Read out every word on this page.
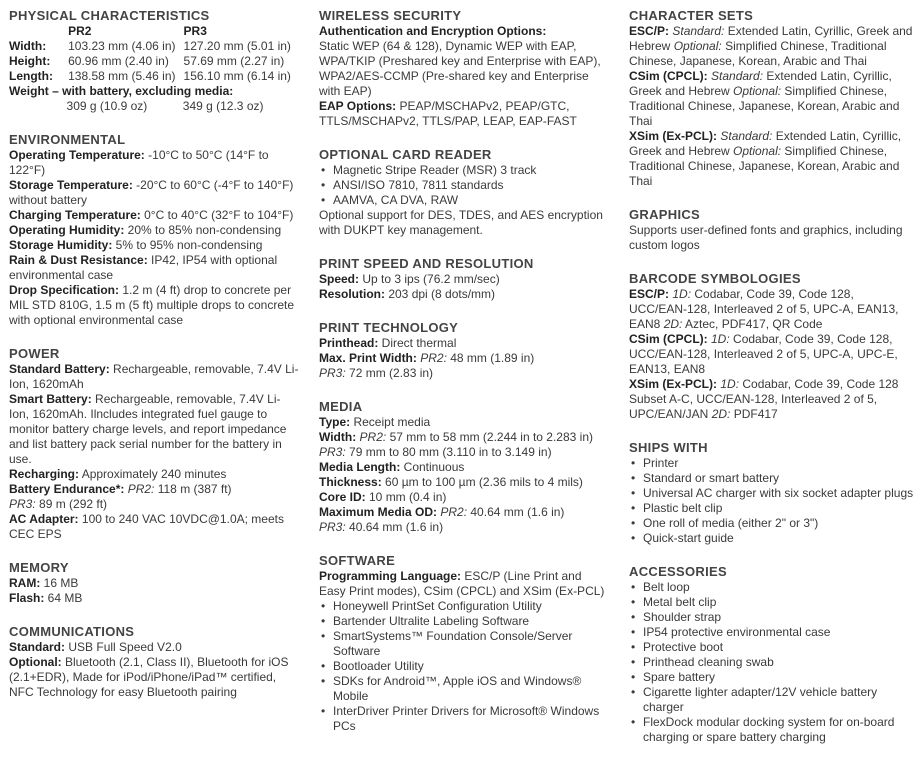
PHYSICAL CHARACTERISTICS
	PR2	PR3
Width:	103.23 mm (4.06 in)	127.20 mm (5.01 in)
Height:	60.96 mm (2.40 in)	57.69 mm (2.27 in)
Length:	138.58 mm (5.46 in)	156.10 mm (6.14 in)
Weight – with battery, excluding media:
	309 g (10.9 oz)	349 g (12.3 oz)
ENVIRONMENTAL
Operating Temperature: -10°C to 50°C (14°F to 122°F)
Storage Temperature: -20°C to 60°C (-4°F to 140°F) without battery
Charging Temperature: 0°C to 40°C (32°F to 104°F)
Operating Humidity: 20% to 85% non-condensing
Storage Humidity: 5% to 95% non-condensing
Rain & Dust Resistance: IP42, IP54 with optional environmental case
Drop Specification: 1.2 m (4 ft) drop to concrete per MIL STD 810G, 1.5 m (5 ft) multiple drops to concrete with optional environmental case
POWER
Standard Battery: Rechargeable, removable, 7.4V Li-Ion, 1620mAh
Smart Battery: Rechargeable, removable, 7.4V Li-Ion, 1620mAh. Ilncludes integrated fuel gauge to monitor battery charge levels, and report impedance and list battery pack serial number for the battery in use.
Recharging: Approximately 240 minutes
Battery Endurance*: PR2: 118 m (387 ft)
PR3: 89 m (292 ft)
AC Adapter: 100 to 240 VAC 10VDC@1.0A; meets CEC EPS
MEMORY
RAM: 16 MB
Flash: 64 MB
COMMUNICATIONS
Standard: USB Full Speed V2.0
Optional: Bluetooth (2.1, Class II), Bluetooth for iOS (2.1+EDR), Made for iPod/iPhone/iPad™ certified, NFC Technology for easy Bluetooth pairing
WIRELESS SECURITY
Authentication and Encryption Options:
Static WEP (64 & 128), Dynamic WEP with EAP, WPA/TKIP (Preshared key and Enterprise with EAP), WPA2/AES-CCMP (Pre-shared key and Enterprise with EAP)
EAP Options: PEAP/MSCHAPv2, PEAP/GTC, TTLS/MSCHAPv2, TTLS/PAP, LEAP, EAP-FAST
OPTIONAL CARD READER
• Magnetic Stripe Reader (MSR) 3 track
• ANSI/ISO 7810, 7811 standards
• AAMVA, CA DVA, RAW
Optional support for DES, TDES, and AES encryption with DUKPT key management.
PRINT SPEED AND RESOLUTION
Speed: Up to 3 ips (76.2 mm/sec)
Resolution: 203 dpi (8 dots/mm)
PRINT TECHNOLOGY
Printhead: Direct thermal
Max. Print Width: PR2: 48 mm (1.89 in)
PR3: 72 mm (2.83 in)
MEDIA
Type: Receipt media
Width: PR2: 57 mm to 58 mm (2.244 in to 2.283 in)
PR3: 79 mm to 80 mm (3.110 in to 3.149 in)
Media Length: Continuous
Thickness: 60 µm to 100 µm (2.36 mils to 4 mils)
Core ID: 10 mm (0.4 in)
Maximum Media OD: PR2: 40.64 mm (1.6 in)
PR3: 40.64 mm (1.6 in)
SOFTWARE
Programming Language: ESC/P (Line Print and Easy Print modes), CSim (CPCL) and XSim (Ex-PCL)
• Honeywell PrintSet Configuration Utility
• Bartender Ultralite Labeling Software
• SmartSystems™ Foundation Console/Server Software
• Bootloader Utility
• SDKs for Android™, Apple iOS and Windows® Mobile
• InterDriver Printer Drivers for Microsoft® Windows PCs
CHARACTER SETS
ESC/P: Standard: Extended Latin, Cyrillic, Greek and Hebrew Optional: Simplified Chinese, Traditional Chinese, Japanese, Korean, Arabic and Thai
CSim (CPCL): Standard: Extended Latin, Cyrillic, Greek and Hebrew Optional: Simplified Chinese, Traditional Chinese, Japanese, Korean, Arabic and Thai
XSim (Ex-PCL): Standard: Extended Latin, Cyrillic, Greek and Hebrew Optional: Simplified Chinese, Traditional Chinese, Japanese, Korean, Arabic and Thai
GRAPHICS
Supports user-defined fonts and graphics, including custom logos
BARCODE SYMBOLOGIES
ESC/P: 1D: Codabar, Code 39, Code 128, UCC/EAN-128, Interleaved 2 of 5, UPC-A, EAN13, EAN8 2D: Aztec, PDF417, QR Code
CSim (CPCL): 1D: Codabar, Code 39, Code 128, UCC/EAN-128, Interleaved 2 of 5, UPC-A, UPC-E, EAN13, EAN8
XSim (Ex-PCL): 1D: Codabar, Code 39, Code 128 Subset A-C, UCC/EAN-128, Interleaved 2 of 5, UPC/EAN/JAN 2D: PDF417
SHIPS WITH
• Printer
• Standard or smart battery
• Universal AC charger with six socket adapter plugs
• Plastic belt clip
• One roll of media (either 2" or 3")
• Quick-start guide
ACCESSORIES
• Belt loop
• Metal belt clip
• Shoulder strap
• IP54 protective environmental case
• Protective boot
• Printhead cleaning swab
• Spare battery
• Cigarette lighter adapter/12V vehicle battery charger
• FlexDock modular docking system for on-board charging or spare battery charging
